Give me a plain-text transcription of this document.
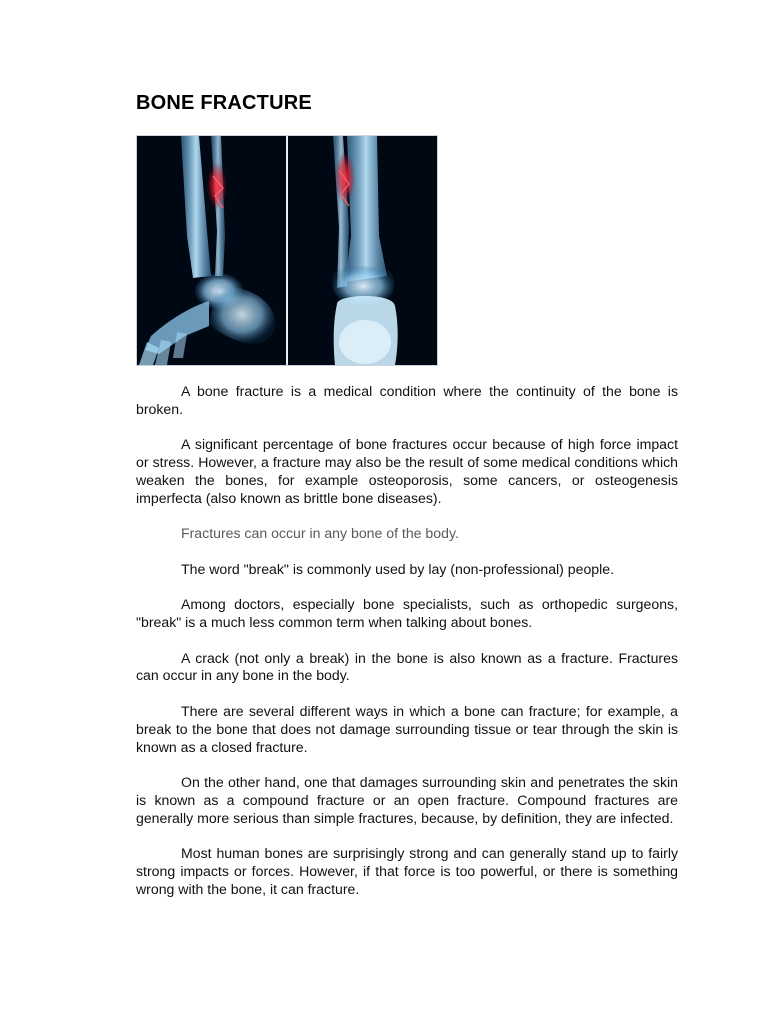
BONE FRACTURE

A bone fracture is a medical condition where the continuity of the bone is broken.

A significant percentage of bone fractures occur because of high force impact or stress. However, a fracture may also be the result of some medical conditions which weaken the bones, for example osteoporosis, some cancers, or osteogenesis imperfecta (also known as brittle bone diseases).

Fractures can occur in any bone of the body.

The word "break" is commonly used by lay (non-professional) people.

Among doctors, especially bone specialists, such as orthopedic surgeons, "break" is a much less common term when talking about bones.

A crack (not only a break) in the bone is also known as a fracture. Fractures can occur in any bone in the body.

There are several different ways in which a bone can fracture; for example, a break to the bone that does not damage surrounding tissue or tear through the skin is known as a closed fracture.

On the other hand, one that damages surrounding skin and penetrates the skin is known as a compound fracture or an open fracture. Compound fractures are generally more serious than simple fractures, because, by definition, they are infected.

Most human bones are surprisingly strong and can generally stand up to fairly strong impacts or forces. However, if that force is too powerful, or there is something wrong with the bone, it can fracture.
